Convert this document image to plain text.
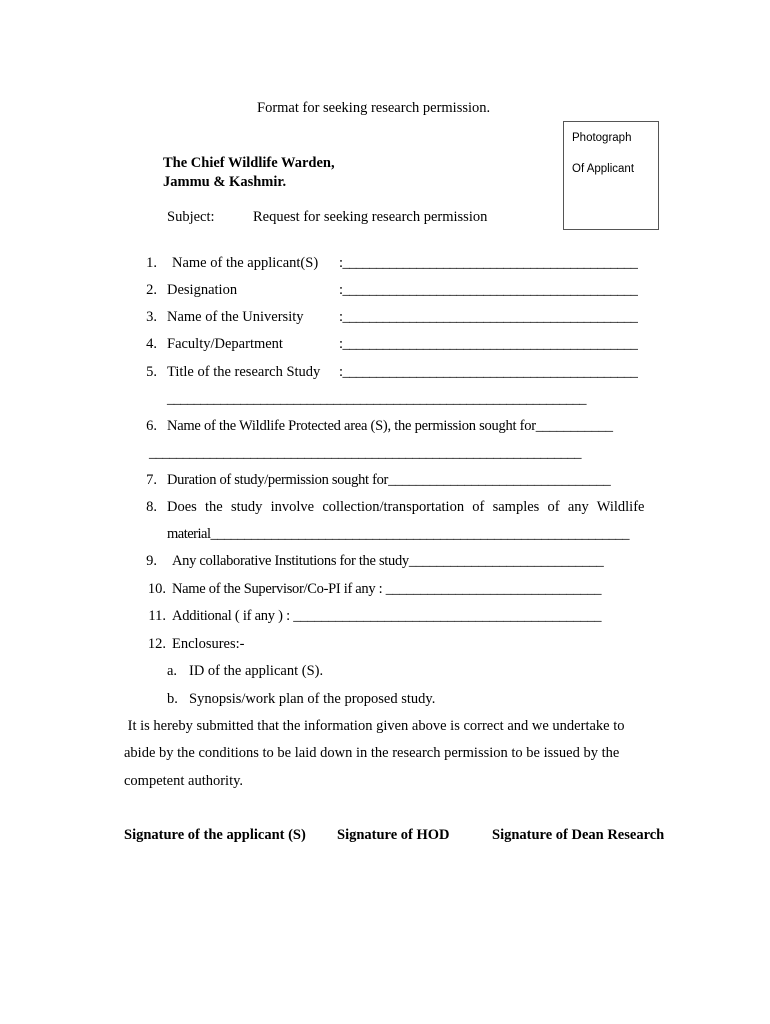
Format for seeking research permission.
Photograph
Of Applicant
The Chief Wildlife Warden,
Jammu & Kashmir.
Subject:	Request for seeking research permission
1. Name of the applicant(S) :____________________________________________
2. Designation	:____________________________________________
3. Name of the University :____________________________________________
4. Faculty/Department	:____________________________________________
5. Title of the research Study :____________________________________________
_______________________________________________________________
6. Name of the Wildlife Protected area (S), the permission sought for___________
________________________________________________________________
7. Duration of study/permission sought for________________________________
8. Does the study involve collection/transportation of samples of any Wildlife
material______________________________________________________________
9. Any collaborative Institutions for the study____________________________
10. Name of the Supervisor/Co-PI if any : _______________________________
11. Additional ( if any ) : ____________________________________________
12. Enclosures:-
a. ID of the applicant (S).
b. Synopsis/work plan of the proposed study.
It is hereby submitted that the information given above is correct and we undertake to
abide by the conditions to be laid down in the research permission to be issued by the
competent authority.
Signature of the applicant (S) Signature of HOD	Signature of Dean Research
